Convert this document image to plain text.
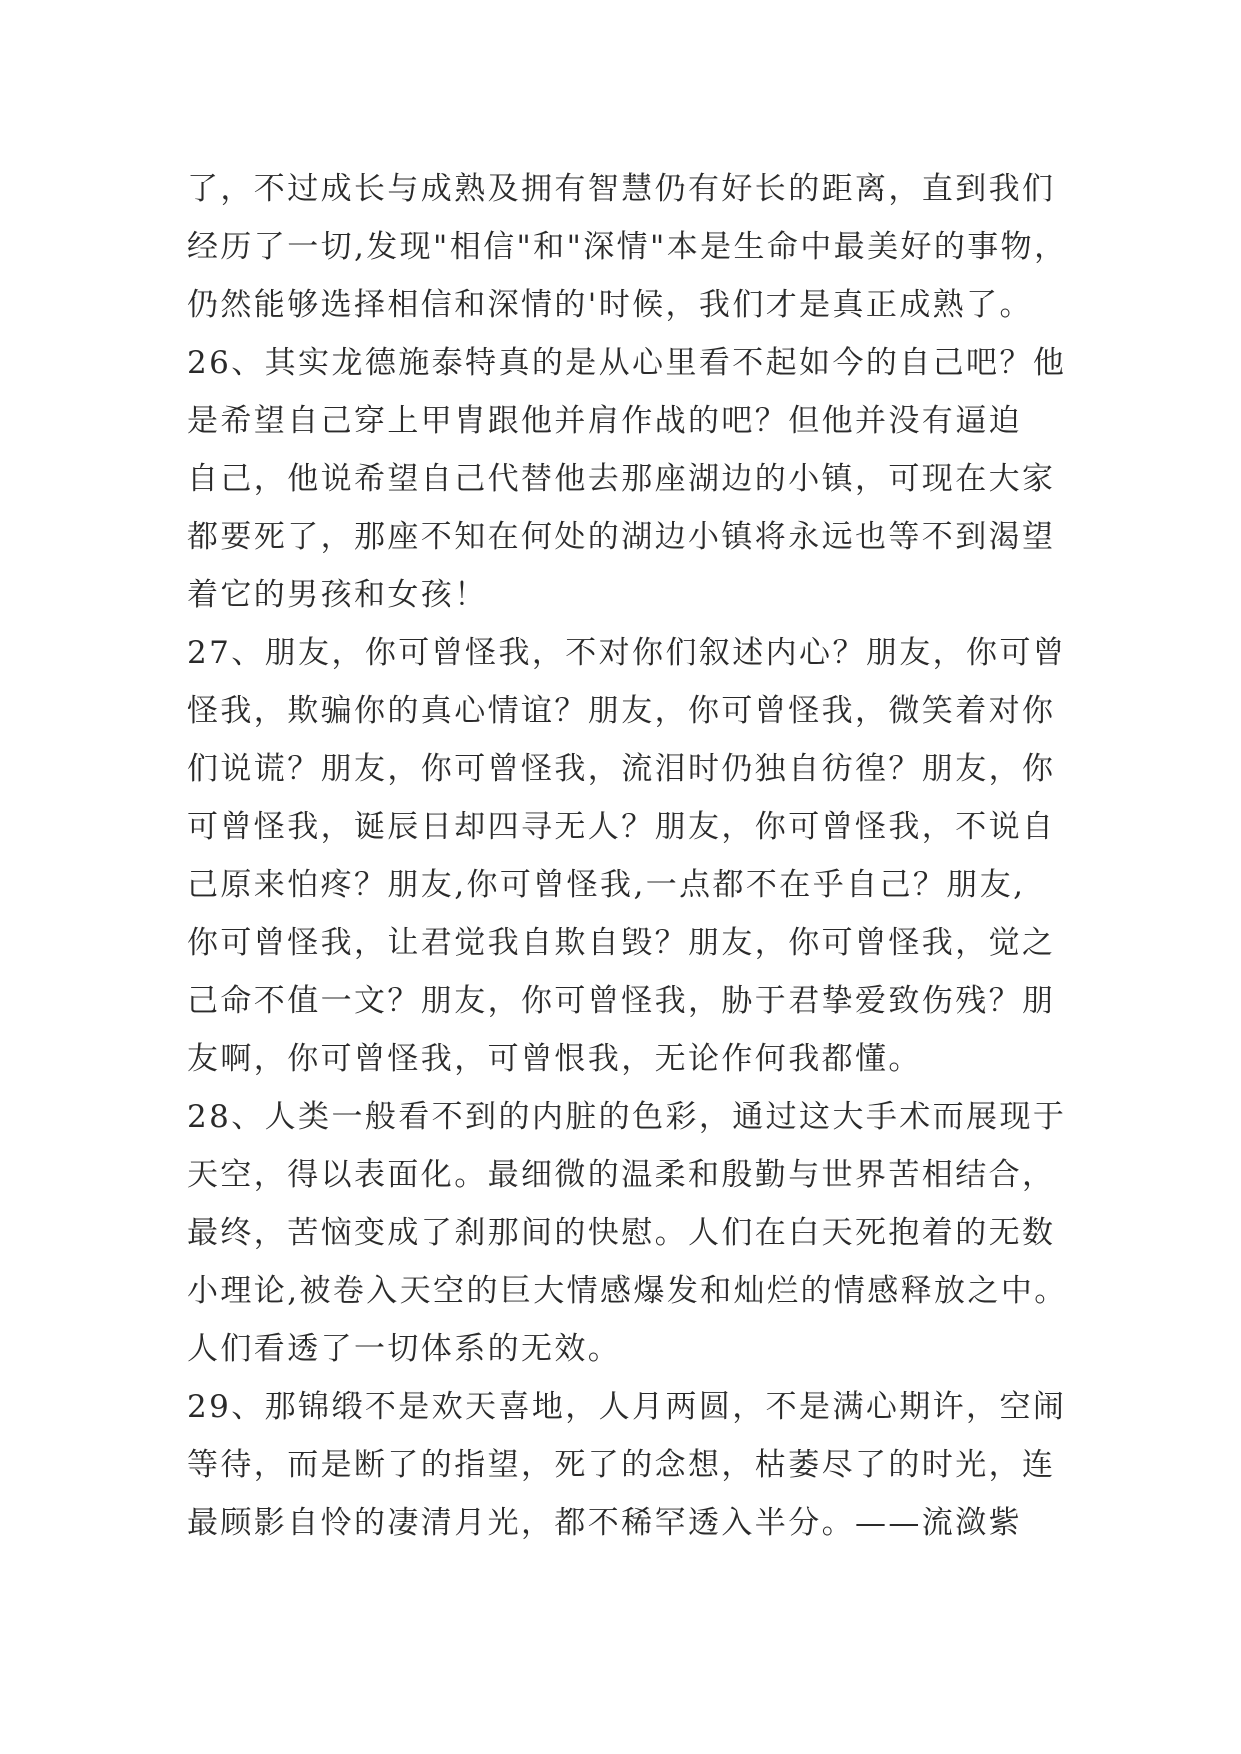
了，不过成长与成熟及拥有智慧仍有好长的距离，直到我们
经历了一切,发现"相信"和"深情"本是生命中最美好的事物，
仍然能够选择相信和深情的'时候，我们才是真正成熟了。
26、其实龙德施泰特真的是从心里看不起如今的自己吧？他
是希望自己穿上甲胄跟他并肩作战的吧？但他并没有逼迫
自己，他说希望自己代替他去那座湖边的小镇，可现在大家
都要死了，那座不知在何处的湖边小镇将永远也等不到渴望
着它的男孩和女孩！
27、朋友，你可曾怪我，不对你们叙述内心？朋友，你可曾
怪我，欺骗你的真心情谊？朋友，你可曾怪我，微笑着对你
们说谎？朋友，你可曾怪我，流泪时仍独自彷徨？朋友，你
可曾怪我，诞辰日却四寻无人？朋友，你可曾怪我，不说自
己原来怕疼？朋友,你可曾怪我,一点都不在乎自己？朋友,
你可曾怪我，让君觉我自欺自毁？朋友，你可曾怪我，觉之
己命不值一文？朋友，你可曾怪我，胁于君挚爱致伤残？朋
友啊，你可曾怪我，可曾恨我，无论作何我都懂。
28、人类一般看不到的内脏的色彩，通过这大手术而展现于
天空，得以表面化。最细微的温柔和殷勤与世界苦相结合，
最终，苦恼变成了刹那间的快慰。人们在白天死抱着的无数
小理论,被卷入天空的巨大情感爆发和灿烂的情感释放之中。
人们看透了一切体系的无效。
29、那锦缎不是欢天喜地，人月两圆，不是满心期许，空闹
等待，而是断了的指望，死了的念想，枯萎尽了的时光，连
最顾影自怜的凄清月光，都不稀罕透入半分。——流潋紫
